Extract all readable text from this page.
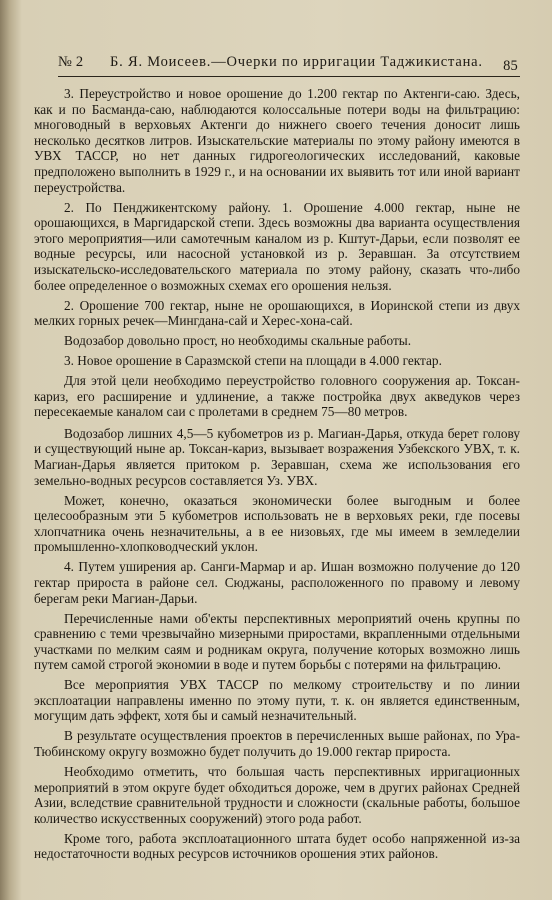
№ 2 Б. Я. Моисеев.—Очерки по ирригации Таджикистана. 85

3. Переустройство и новое орошение до 1.200 гектар по Актенги-саю. Здесь, как и по Басманда-саю, наблюдаются колоссальные потери воды на фильтрацию: многоводный в верховьях Актенги до нижнего своего течения доносит лишь несколько десятков литров. Изыскательские материалы по этому району имеются в УВХ ТАССР, но нет данных гидрогеологических исследований, каковые предположено выполнить в 1929 г., и на основании их выявить тот или иной вариант переустройства.

2. По Пенджикентскому району. 1. Орошение 4.000 гектар, ныне не орошающихся, в Маргидарской степи. Здесь возможны два варианта осуществления этого мероприятия—или самотечным каналом из р. Кштут-Дарьи, если позволят ее водные ресурсы, или насосной установкой из р. Зеравшан. За отсутствием изыскательско-исследовательского материала по этому району, сказать что-либо более определенное о возможных схемах его орошения нельзя.

2. Орошение 700 гектар, ныне не орошающихся, в Иоринской степи из двух мелких горных речек—Мингдана-сай и Херес-хона-сай.

Водозабор довольно прост, но необходимы скальные работы.

3. Новое орошение в Саразмской степи на площади в 4.000 гектар.

Для этой цели необходимо переустройство головного сооружения ар. Токсан-кариз, его расширение и удлинение, а также постройка двух акведуков через пересекаемые каналом саи с пролетами в среднем 75—80 метров.

Водозабор лишних 4,5—5 кубометров из р. Магиан-Дарья, откуда берет голову и существующий ныне ар. Токсан-кариз, вызывает возражения Узбекского УВХ, т. к. Магиан-Дарья является притоком р. Зеравшан, схема же использования его земельно-водных ресурсов составляется Уз. УВХ.

Может, конечно, оказаться экономически более выгодным и более целесообразным эти 5 кубометров использовать не в верховьях реки, где посевы хлопчатника очень незначительны, а в ее низовьях, где мы имеем в земледелии промышленно-хлопководческий уклон.

4. Путем уширения ар. Санги-Мармар и ар. Ишан возможно получение до 120 гектар прироста в районе сел. Сюджаны, расположенного по правому и левому берегам реки Магиан-Дарьи.

Перечисленные нами об'екты перспективных мероприятий очень крупны по сравнению с теми чрезвычайно мизерными приростами, вкрапленными отдельными участками по мелким саям и родникам округа, получение которых возможно лишь путем самой строгой экономии в воде и путем борьбы с потерями на фильтрацию.

Все мероприятия УВХ ТАССР по мелкому строительству и по линии эксплоатации направлены именно по этому пути, т. к. он является единственным, могущим дать эффект, хотя бы и самый незначительный.

В результате осуществления проектов в перечисленных выше районах, по Ура-Тюбинскому округу возможно будет получить до 19.000 гектар прироста.

Необходимо отметить, что большая часть перспективных ирригационных мероприятий в этом округе будет обходиться дороже, чем в других районах Средней Азии, вследствие сравнительной трудности и сложности (скальные работы, большое количество искусственных сооружений) этого рода работ.

Кроме того, работа эксплоатационного штата будет особо напряженной из-за недостаточности водных ресурсов источников орошения этих районов.
